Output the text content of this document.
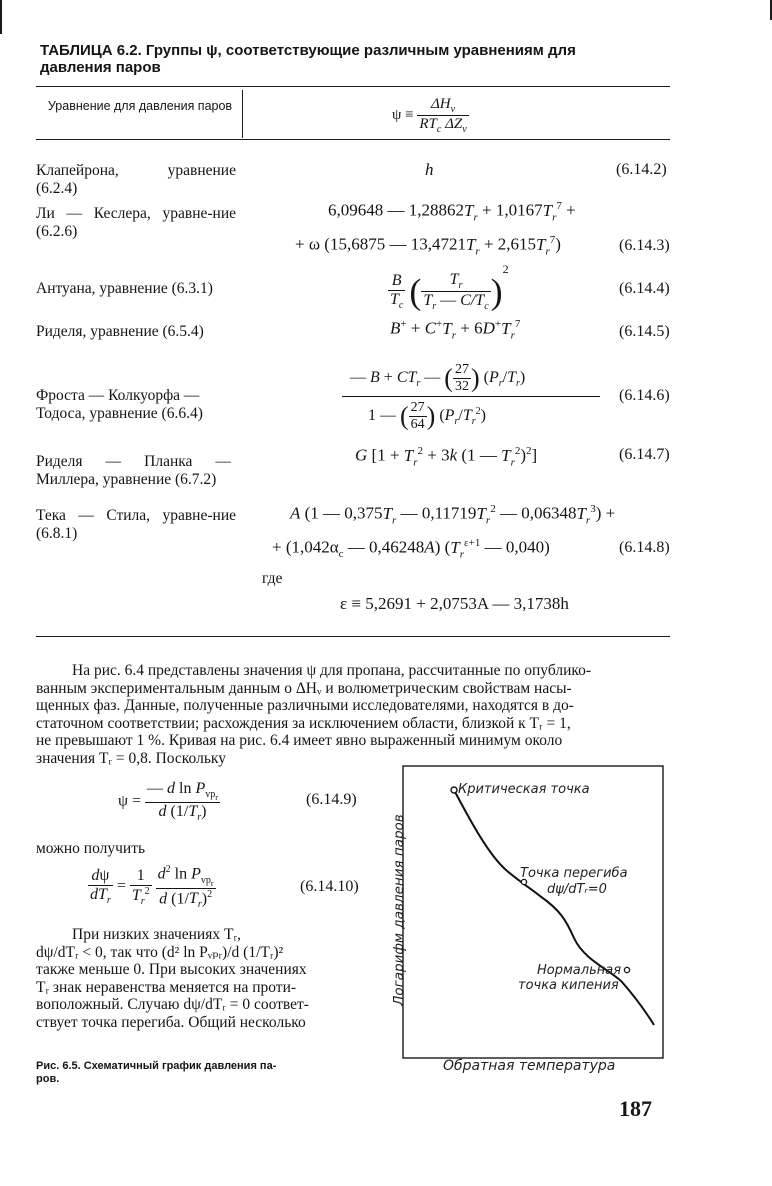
ТАБЛИЦА 6.2. Группы ψ, соответствующие различным уравнениям для
давления паров
Уравнение для давления паров
$\psi \equiv \frac{\Delta H_v}{RT_c \Delta Z_v}$
Клапейрона, уравнение (6.2.4)
h	(6.14.2)
Ли — Кеслера, уравне-ние (6.2.6)
6,09648 — $1,28862T_r + 1,0167T_r^7$ +
+ ω (15,6875 — $13,4721T_r + 2,615T_r^7$)	(6.14.3)
Антуана, уравнение (6.3.1)	$\frac{B}{T_c}$ ( $\frac{T_r}{T_r — C/T_c} )^2$
(6.14.4)
Риделя, уравнение (6.5.4)	$B^+ + C^+T_r + 6D^+T_r^7$	(6.14.5)
Фроста — Колкуорфа — Тодоса, уравнение (6.6.4)
— $B + CT_r$ — ( $\frac{27}{32}$ ) $(P_r/T_r)$
1 — ( $\frac{27}{64}$ ) $(P_r/T_r^2)$
(6.14.6)
Риделя — Планка — Миллера, уравнение (6.7.2)
G [$1 + T_r^2 + 3k$ (1 — $T_r^2)^2$]	(6.14.7)
Тека — Стила, уравне-ние (6.8.1)
A (1 — $0,375T_r$ — $0,11719T_r^2$ — $0,06348T_r^3$) +
+ ($1,042\alpha_c$ — 0,46248A) ($T_r^{\varepsilon+1}$ — 0,040)	(6.14.8)
где
ε ≡ 5,2691 + 2,0753A — 3,1738h
На рис. 6.4 представлены значения ψ для пропана, рассчитанные по опублико-
ванным экспериментальным данным о ΔHᵥ и волюметрическим свойствам насы-
щенных фаз. Данные, полученные различными исследователями, находятся в до-
статочном соответствии; расхождения за исключением области, близкой к Tᵣ = 1,
не превышают 1 %. Кривая на рис. 6.4 имеет явно выраженный минимум около
значения Tᵣ = 0,8. Поскольку
$\psi = \frac{— d \ln P_{vp_r}}{d (1/T_r)}$	(6.14.9)
можно получить
$\frac{d\psi}{dT_r} = \frac{1}{T_r^2}$
$\frac{d^2 \ln P_{vp_r}}{d (1/T_r)^2}$	(6.14.10)
При низких значениях Tᵣ,
dψ/dTᵣ < 0, так что (d² ln Pᵥₚᵣ)/d (1/Tᵣ)²
также меньше 0. При высоких значениях
Tᵣ знак неравенства меняется на проти-
воположный. Случаю dψ/dTᵣ = 0 соответ-
ствует точка перегиба. Общий несколько
Критическая точка
Точка перегиба
dψ/dTᵣ=0
Нормальная
точка кипения
Логарифм давления паров
Обратная температура
Рис. 6.5. Схематичный график давления па-
ров.
187
